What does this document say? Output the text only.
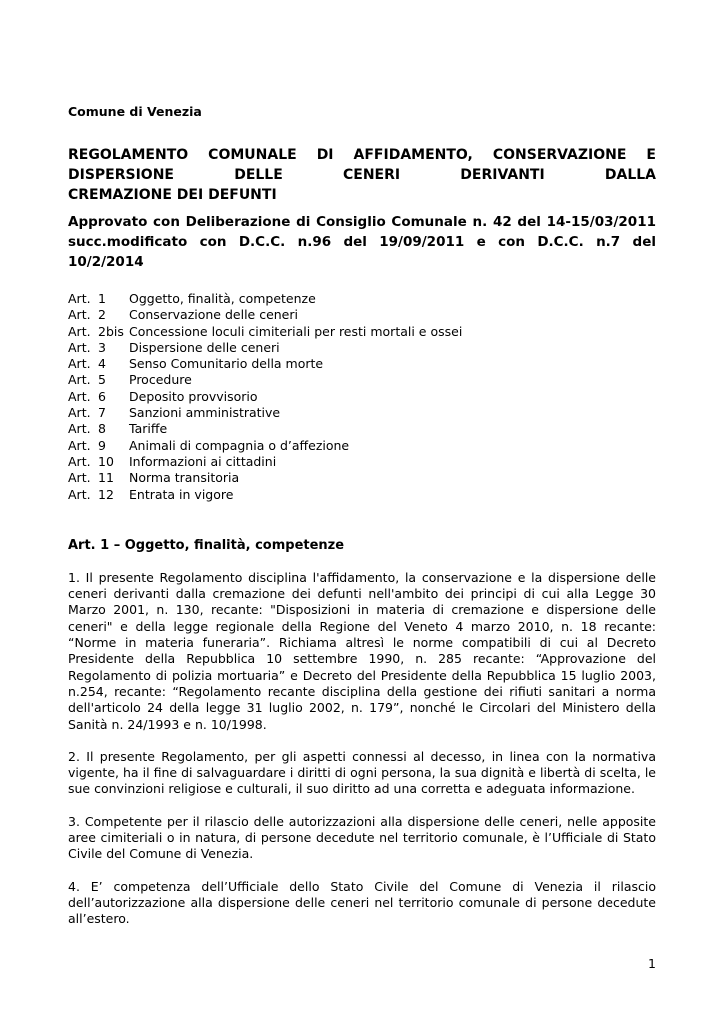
Comune di Venezia
REGOLAMENTO COMUNALE DI AFFIDAMENTO, CONSERVAZIONE E
DISPERSIONE DELLE CENERI DERIVANTI DALLA
CREMAZIONE DEI DEFUNTI
Approvato con Deliberazione di Consiglio Comunale n. 42 del 14-15/03/2011
succ.modificato con D.C.C. n.96 del 19/09/2011 e con D.C.C. n.7 del
10/2/2014
Art. 1	Oggetto, finalità, competenze
Art. 2	Conservazione delle ceneri
Art. 2bis Concessione loculi cimiteriali per resti mortali e ossei
Art. 3	Dispersione delle ceneri
Art. 4	Senso Comunitario della morte
Art. 5	Procedure
Art. 6	Deposito provvisorio
Art. 7	Sanzioni amministrative
Art. 8	Tariffe
Art. 9	Animali di compagnia o d’affezione
Art. 10	Informazioni ai cittadini
Art. 11	Norma transitoria
Art. 12	Entrata in vigore
Art. 1 – Oggetto, finalità, competenze

1. Il presente Regolamento disciplina l'affidamento, la conservazione e la dispersione delle ceneri derivanti dalla cremazione dei defunti nell'ambito dei principi di cui alla Legge 30 Marzo 2001, n. 130, recante: "Disposizioni in materia di cremazione e dispersione delle ceneri" e della legge regionale della Regione del Veneto 4 marzo 2010, n. 18 recante: “Norme in materia funeraria”. Richiama altresì le norme compatibili di cui al Decreto Presidente della Repubblica 10 settembre 1990, n. 285 recante: “Approvazione del Regolamento di polizia mortuaria” e Decreto del Presidente della Repubblica 15 luglio 2003, n.254, recante: “Regolamento recante disciplina della gestione dei rifiuti sanitari a norma dell'articolo 24 della legge 31 luglio 2002, n. 179”, nonché le Circolari del Ministero della Sanità n. 24/1993 e n. 10/1998.

2. Il presente Regolamento, per gli aspetti connessi al decesso, in linea con la normativa vigente, ha il fine di salvaguardare i diritti di ogni persona, la sua dignità e libertà di scelta, le sue convinzioni religiose e culturali, il suo diritto ad una corretta e adeguata informazione.

3. Competente per il rilascio delle autorizzazioni alla dispersione delle ceneri, nelle apposite aree cimiteriali o in natura, di persone decedute nel territorio comunale, è l’Ufficiale di Stato Civile del Comune di Venezia.

4. E’ competenza dell’Ufficiale dello Stato Civile del Comune di Venezia il rilascio dell’autorizzazione alla dispersione delle ceneri nel territorio comunale di persone decedute all’estero.

1
